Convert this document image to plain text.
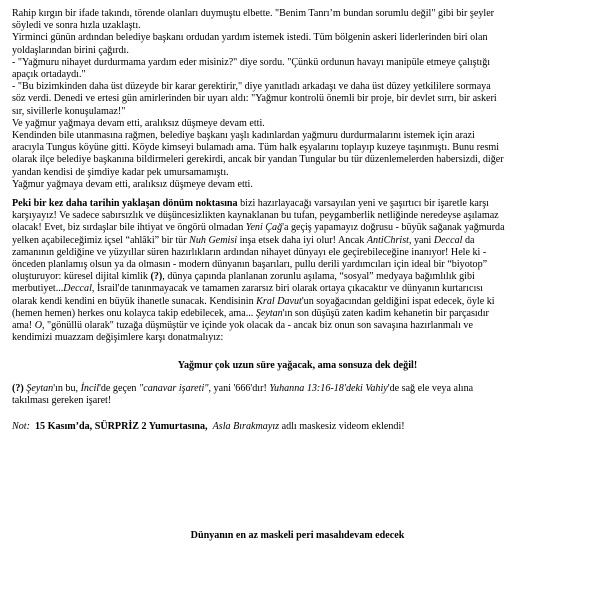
Rahip kırgın bir ifade takındı, törende olanları duymuştu elbette. "Benim Tanrı’m bundan sorumlu değil" gibi bir şeyler
söyledi ve sonra hızla uzaklaştı.
Yirminci günün ardından belediye başkanı ordudan yardım istemek istedi. Tüm bölgenin askeri liderlerinden biri olan
yoldaşlarından birini çağırdı.
- "Yağmuru nihayet durdurmama yardım eder misiniz?" diye sordu. "Çünkü ordunun havayı manipüle etmeye çalıştığı
apaçık ortadaydı."
- "Bu bizimkinden daha üst düzeyde bir karar gerektirir," diye yanıtladı arkadaşı ve daha üst düzey yetkililere sormaya
söz verdi. Denedi ve ertesi gün amirlerinden bir uyarı aldı: "Yağmur kontrolü önemli bir proje, bir devlet sırrı, bir askeri
sır, sivillerle konuşulamaz!"
Ve yağmur yağmaya devam etti, aralıksız düşmeye devam etti.
Kendinden bile utanmasına rağmen, belediye başkanı yaşlı kadınlardan yağmuru durdurmalarını istemek için arazi
aracıyla Tungus köyüne gitti. Köyde kimseyi bulamadı ama. Tüm halk eşyalarını toplayıp kuzeye taşınmıştı. Bunu resmi
olarak ilçe belediye başkanına bildirmeleri gerekirdi, ancak bir yandan Tungular bu tür düzenlemelerden habersizdi, diğer
yandan kendisi de şimdiye kadar pek umursamamıştı.
Yağmur yağmaya devam etti, aralıksız düşmeye devam etti.
Peki bir kez daha tarihin yaklaşan dönüm noktasına bizi hazırlayacağı varsayılan yeni ve şaşırtıcı bir işaretle karşı
karşıyayız! Ve sadece sabırsızlık ve düşüncesizlikten kaynaklanan bu tufan, peygamberlik netliğinde neredeyse aşılamaz
olacak! Evet, biz sırdaşlar bile ihtiyat ve öngörü olmadan Yeni Çağ'a geçiş yapamayız doğrusu - büyük sağanak yağmurda
yelken açabileceğimiz içsel “ahlâki” bir tür Nuh Gemisi inşa etsek daha iyi olur! Ancak AntiChrist, yani Deccal da
zamanının geldiğine ve yüzyıllar süren hazırlıkların ardından nihayet dünyayı ele geçirebileceğine inanıyor! Hele ki -
önceden planlamış olsun ya da olmasın - modern dünyanın başarıları, pullu derili yardımcıları için ideal bir “biyotop”
oluşturuyor: küresel dijital kimlik (?), dünya çapında planlanan zorunlu aşılama, “sosyal” medyaya bağımlılık gibi
merbutiyet...Deccal, İsrail'de tanınmayacak ve tamamen zararsız biri olarak ortaya çıkacaktır ve dünyanın kurtarıcısı
olarak kendi kendini en büyük ihanetle sunacak. Kendisinin Kral Davut'un soyağacından geldiğini ispat edecek, öyle ki
(hemen hemen) herkes onu kolayca takip edebilecek, ama... Şeytan'ın son düşüşü zaten kadim kehanetin bir parçasıdır
ama! O, "gönüllü olarak" tuzağa düşmüştür ve içinde yok olacak da - ancak biz onun son savaşına hazırlanmalı ve
kendimizi muazzam değişimlere karşı donatmalıyız:
Yağmur çok uzun süre yağacak, ama sonsuza dek değil!
(?) Şeytan'ın bu, İncil'de geçen "canavar işareti", yani '666'dır! Yuhanna 13:16-18'deki Vahiy'de sağ ele veya alına
takılması gereken işaret!
Not: 15 Kasım’da, SÜRPRİZ 2 Yumurtasına, Asla Bırakmayız adlı maskesiz videom eklendi!
Dünyanın en az maskeli peri masalıdevam edecek
